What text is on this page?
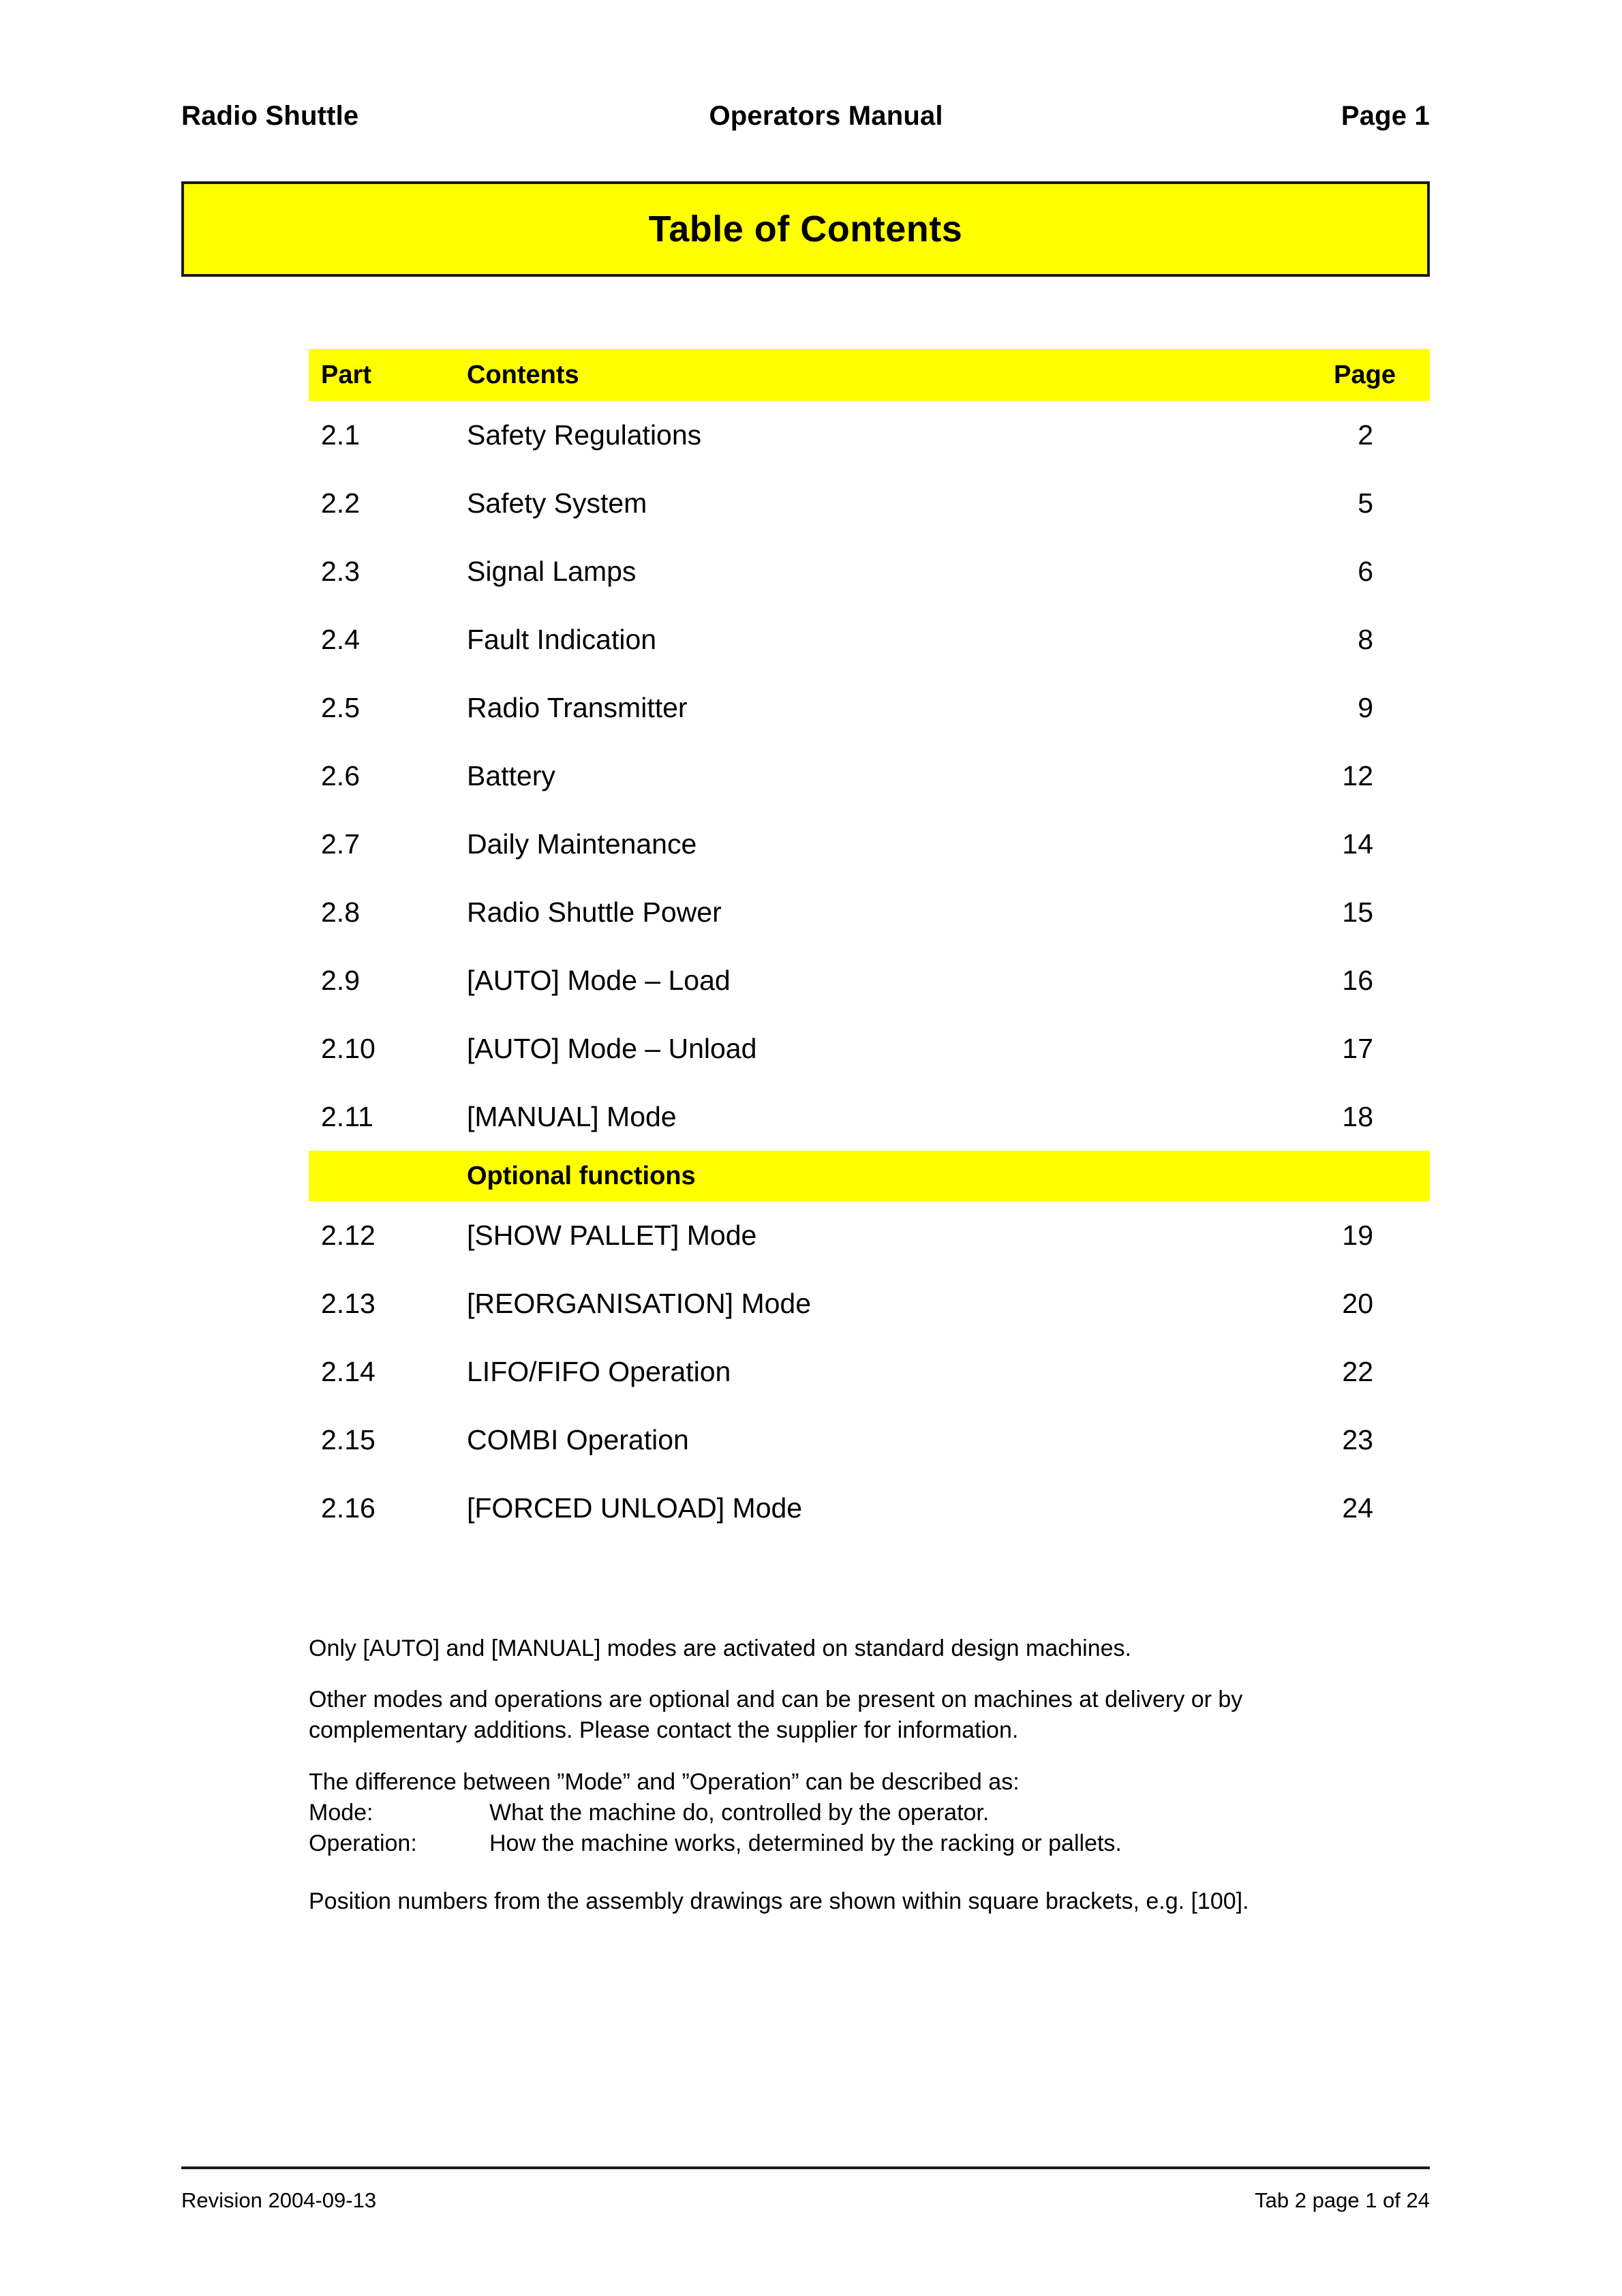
Radio Shuttle	Operators Manual	Page 1
Table of Contents
Part	Contents	Page
2.1	Safety Regulations	2
2.2	Safety System	5
2.3	Signal Lamps	6
2.4	Fault Indication	8
2.5	Radio Transmitter	9
2.6	Battery	12
2.7	Daily Maintenance	14
2.8	Radio Shuttle Power	15
2.9	[AUTO] Mode – Load	16
2.10	[AUTO] Mode – Unload	17
2.11	[MANUAL] Mode	18
Optional functions
2.12	[SHOW PALLET] Mode	19
2.13	[REORGANISATION] Mode	20
2.14	LIFO/FIFO Operation	22
2.15	COMBI Operation	23
2.16	[FORCED UNLOAD] Mode	24

Only [AUTO] and [MANUAL] modes are activated on standard design machines.

Other modes and operations are optional and can be present on machines at delivery or by complementary additions. Please contact the supplier for information.

The difference between ”Mode” and ”Operation” can be described as:

Mode:	What the machine do, controlled by the operator.
Operation:	How the machine works, determined by the racking or pallets.

Position numbers from the assembly drawings are shown within square brackets, e.g. [100].

Revision 2004-09-13	Tab 2 page 1 of 24
